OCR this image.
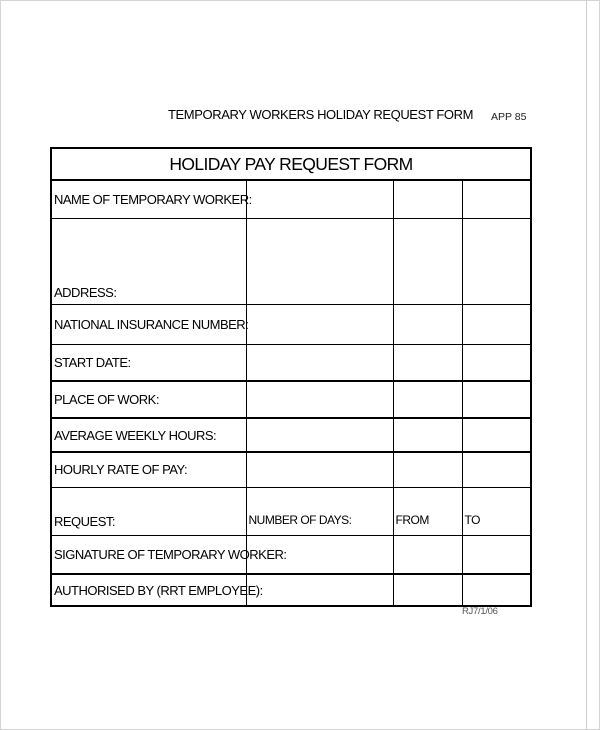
TEMPORARY WORKERS HOLIDAY REQUEST FORM APP 85
HOLIDAY PAY REQUEST FORM			
NAME OF TEMPORARY WORKER:			
ADDRESS:			
NATIONAL INSURANCE NUMBER:			
START DATE:			
PLACE OF WORK:			
AVERAGE WEEKLY HOURS:			
HOURLY RATE OF PAY:			
REQUEST:	NUMBER OF DAYS:	FROM	TO
SIGNATURE OF TEMPORARY WORKER:			
AUTHORISED BY (RRT EMPLOYEE):			
RJ7/1/06
